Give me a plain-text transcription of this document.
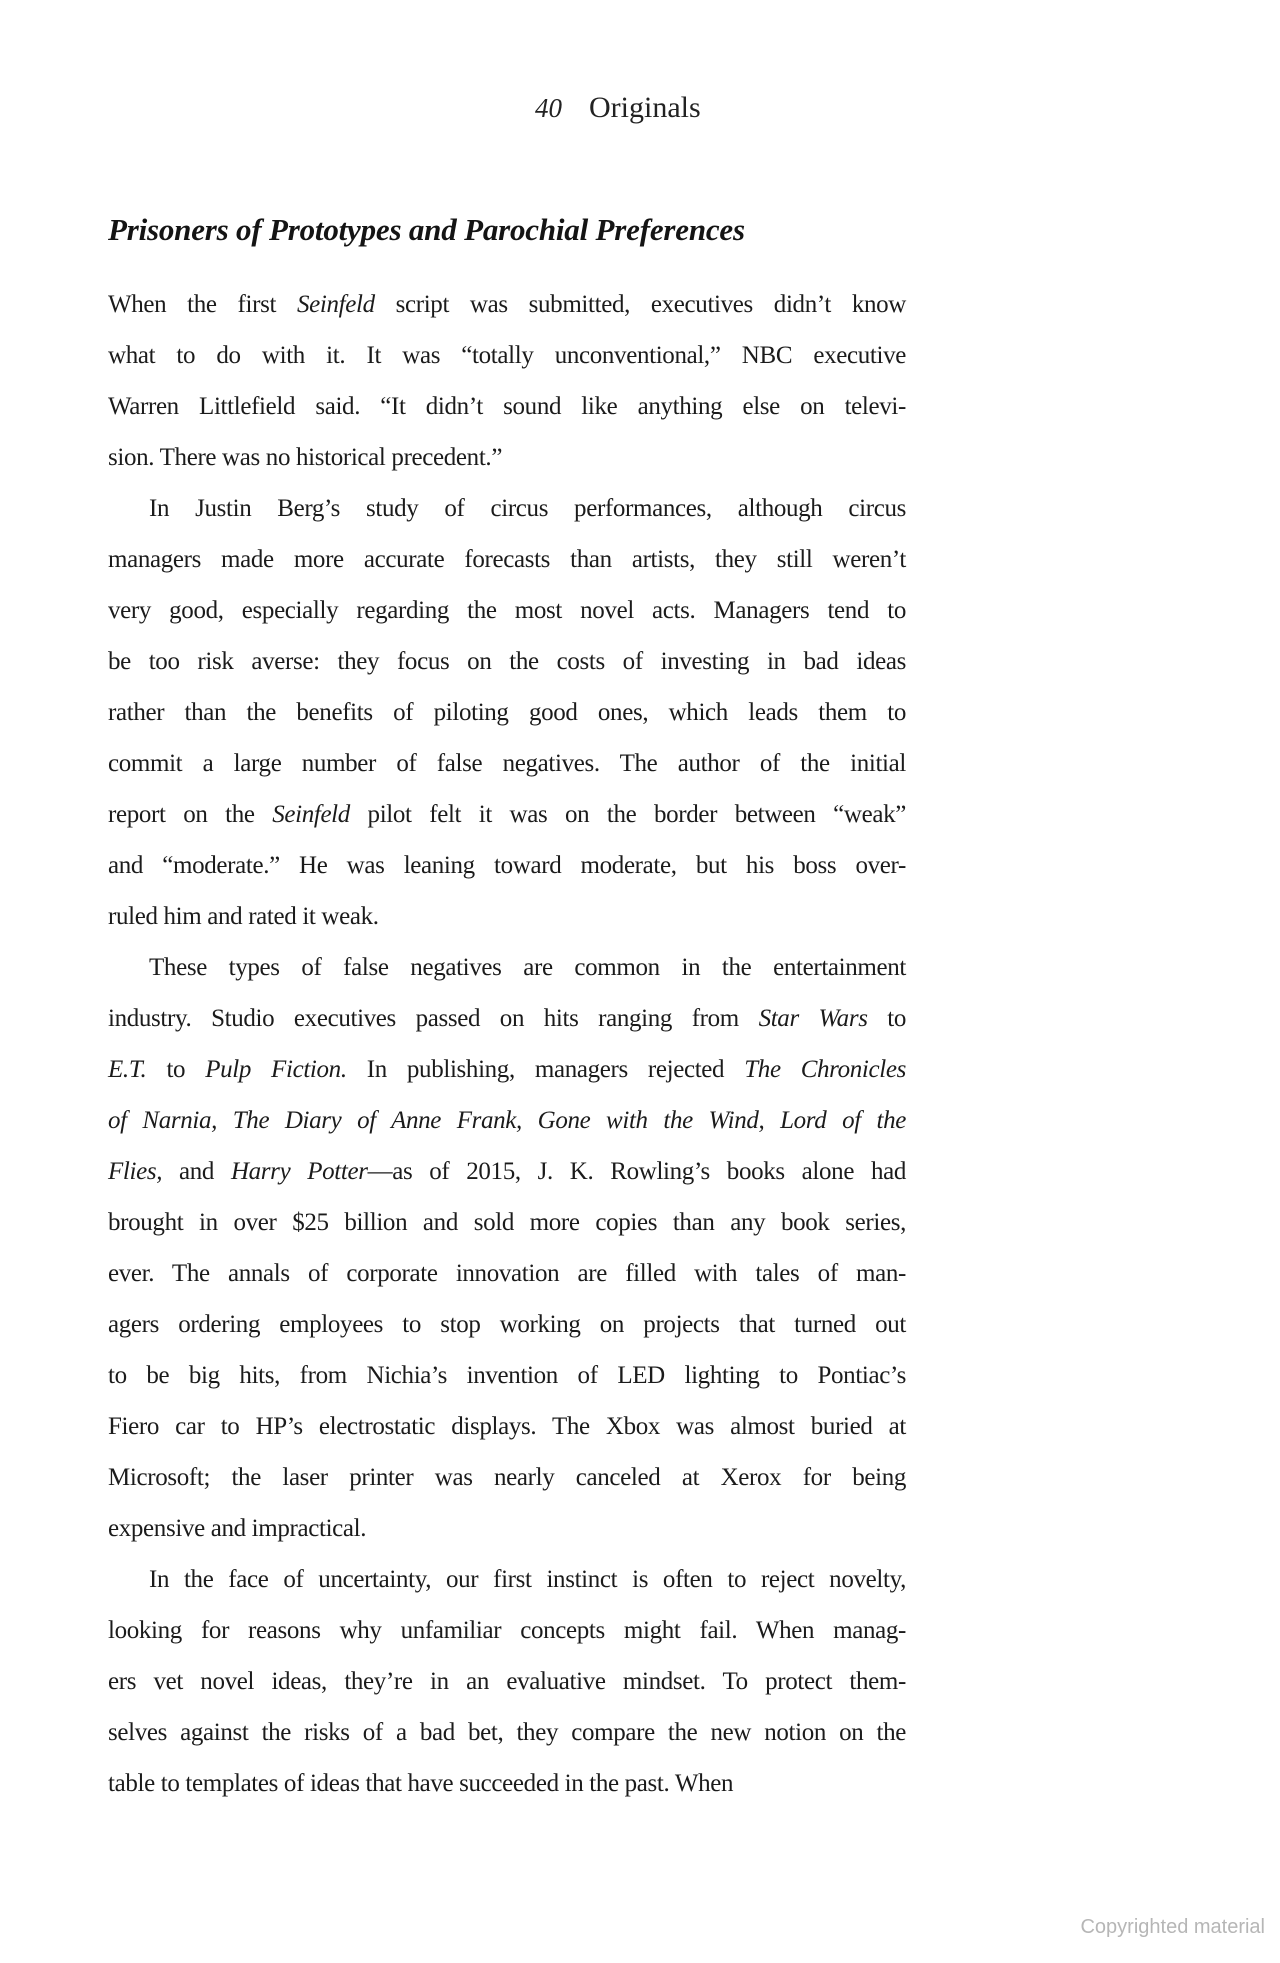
40 Originals
Prisoners of Prototypes and Parochial Preferences
When the first Seinfeld script was submitted, executives didn’t know
what to do with it. It was “totally unconventional,” NBC executive
Warren Littlefield said. “It didn’t sound like anything else on televi-
sion. There was no historical precedent.”
In Justin Berg’s study of circus performances, although circus
managers made more accurate forecasts than artists, they still weren’t
very good, especially regarding the most novel acts. Managers tend to
be too risk averse: they focus on the costs of investing in bad ideas
rather than the benefits of piloting good ones, which leads them to
commit a large number of false negatives. The author of the initial
report on the Seinfeld pilot felt it was on the border between “weak”
and “moderate.” He was leaning toward moderate, but his boss over-
ruled him and rated it weak.
These types of false negatives are common in the entertainment
industry. Studio executives passed on hits ranging from Star Wars to
E.T. to Pulp Fiction. In publishing, managers rejected The Chronicles
of Narnia, The Diary of Anne Frank, Gone with the Wind, Lord of the
Flies, and Harry Potter—as of 2015, J. K. Rowling’s books alone had
brought in over $25 billion and sold more copies than any book series,
ever. The annals of corporate innovation are filled with tales of man-
agers ordering employees to stop working on projects that turned out
to be big hits, from Nichia’s invention of LED lighting to Pontiac’s
Fiero car to HP’s electrostatic displays. The Xbox was almost buried at
Microsoft; the laser printer was nearly canceled at Xerox for being
expensive and impractical.
In the face of uncertainty, our first instinct is often to reject novelty,
looking for reasons why unfamiliar concepts might fail. When manag-
ers vet novel ideas, they’re in an evaluative mindset. To protect them-
selves against the risks of a bad bet, they compare the new notion on the
table to templates of ideas that have succeeded in the past. When
Copyrighted material
